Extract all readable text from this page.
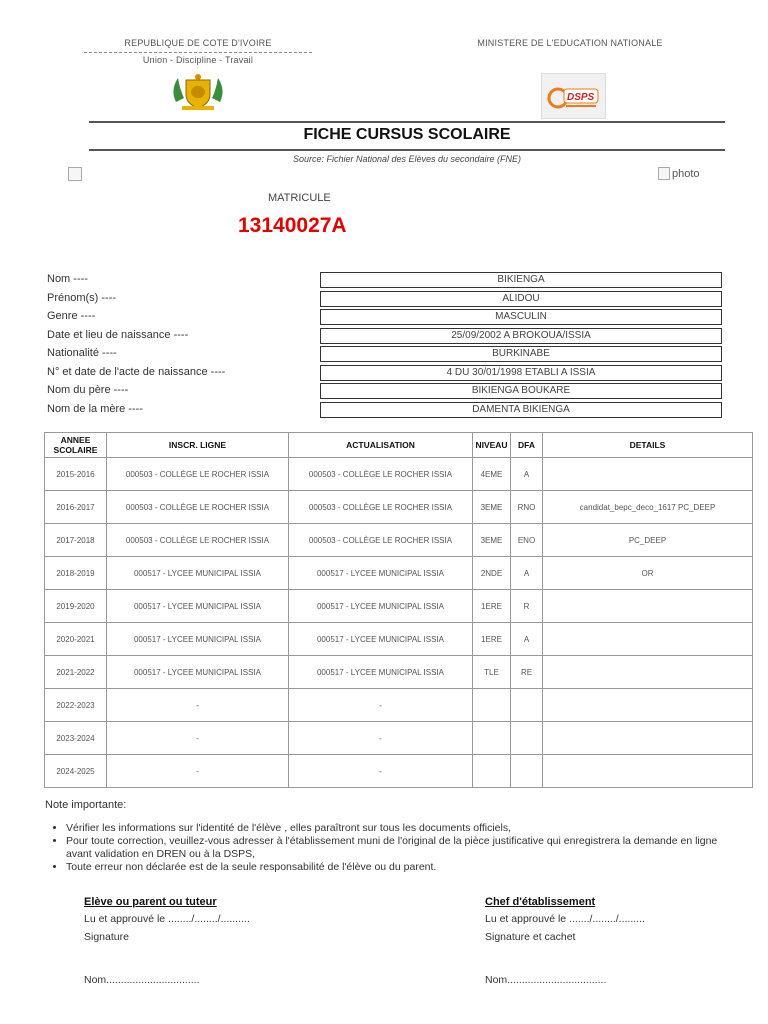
REPUBLIQUE DE COTE D'IVOIRE
Union - Discipline - Travail
MINISTERE DE L'EDUCATION NATIONALE
DSPS
FICHE CURSUS SCOLAIRE
Source: Fichier National des Elèves du secondaire (FNE)
photo
MATRICULE
13140027A
Nom ----	BIKIENGA
Prénom(s) ----	ALIDOU
Genre ----	MASCULIN
Date et lieu de naissance ----	25/09/2002 A BROKOUA/ISSIA
Nationalité ----	BURKINABE
N° et date de l'acte de naissance ----	4 DU 30/01/1998 ETABLI A ISSIA
Nom du père ----	BIKIENGA BOUKARE
Nom de la mère ----	DAMENTA BIKIENGA
ANNEE SCOLAIRE	INSCR. LIGNE	ACTUALISATION	NIVEAU	DFA	DETAILS
2015-2016	000503 - COLLÈGE LE ROCHER ISSIA	000503 - COLLÈGE LE ROCHER ISSIA	4EME	A	
2016-2017	000503 - COLLÈGE LE ROCHER ISSIA	000503 - COLLÈGE LE ROCHER ISSIA	3EME	RNO	candidat_bepc_deco_1617 PC_DEEP
2017-2018	000503 - COLLÈGE LE ROCHER ISSIA	000503 - COLLÈGE LE ROCHER ISSIA	3EME	ENO	PC_DEEP
2018-2019	000517 - LYCEE MUNICIPAL ISSIA	000517 - LYCEE MUNICIPAL ISSIA	2NDE	A	OR
2019-2020	000517 - LYCEE MUNICIPAL ISSIA	000517 - LYCEE MUNICIPAL ISSIA	1ERE	R	
2020-2021	000517 - LYCEE MUNICIPAL ISSIA	000517 - LYCEE MUNICIPAL ISSIA	1ERE	A	
2021-2022	000517 - LYCEE MUNICIPAL ISSIA	000517 - LYCEE MUNICIPAL ISSIA	TLE	RE	
2022-2023	-	-			
2023-2024	-	-			
2024-2025	-	-			
Note importante:
• Vérifier les informations sur l'identité de l'élève , elles paraîtront sur tous les documents officiels,
• Pour toute correction, veuillez-vous adresser à l'établissement muni de l'original de la pièce justificative qui enregistrera la demande en ligne avant validation en DREN ou à la DSPS,
• Toute erreur non déclarée est de la seule responsabilité de l'élève ou du parent.
Elève ou parent ou tuteur
Lu et approuvé le ......../......../..........
Signature
Nom................................
Chef d'établissement
Lu et approuvé le ......./......../.........
Signature et cachet
Nom..................................
